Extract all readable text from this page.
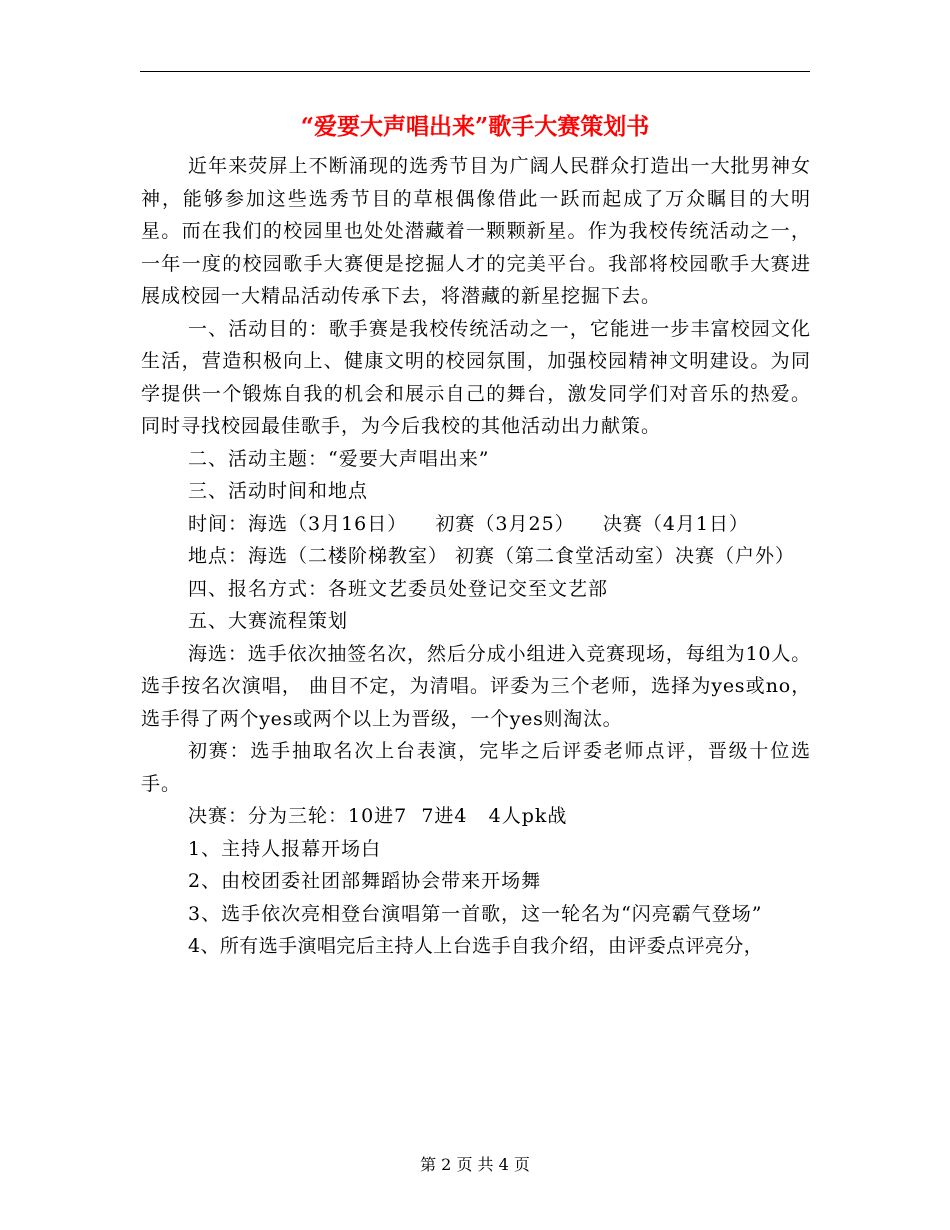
“爱要大声唱出来”歌手大赛策划书

近年来荧屏上不断涌现的选秀节目为广阔人民群众打造出一大批男神女神，能够参加这些选秀节目的草根偶像借此一跃而起成了万众瞩目的大明星。而在我们的校园里也处处潜藏着一颗颗新星。作为我校传统活动之一，一年一度的校园歌手大赛便是挖掘人才的完美平台。我部将校园歌手大赛进展成校园一大精品活动传承下去，将潜藏的新星挖掘下去。

一、活动目的：歌手赛是我校传统活动之一，它能进一步丰富校园文化生活，营造积极向上、健康文明的校园氛围，加强校园精神文明建设。为同学提供一个锻炼自我的机会和展示自己的舞台，激发同学们对音乐的热爱。同时寻找校园最佳歌手，为今后我校的其他活动出力献策。

二、活动主题：“爱要大声唱出来”

三、活动时间和地点

时间：海选（3月16日）    初赛（3月25）    决赛（4月1日）

地点：海选（二楼阶梯教室） 初赛（第二食堂活动室）决赛（户外）

四、报名方式：各班文艺委员处登记交至文艺部

五、大赛流程策划

海选：选手依次抽签名次，然后分成小组进入竞赛现场，每组为10人。选手按名次演唱， 曲目不定，为清唱。评委为三个老师，选择为yes或no，选手得了两个yes或两个以上为晋级，一个yes则淘汰。

初赛：选手抽取名次上台表演，完毕之后评委老师点评，晋级十位选手。

决赛：分为三轮：10进7  7进4   4人pk战

1、主持人报幕开场白

2、由校团委社团部舞蹈协会带来开场舞

3、选手依次亮相登台演唱第一首歌，这一轮名为“闪亮霸气登场”

4、所有选手演唱完后主持人上台选手自我介绍，由评委点评亮分，

第 2 页 共 4 页
